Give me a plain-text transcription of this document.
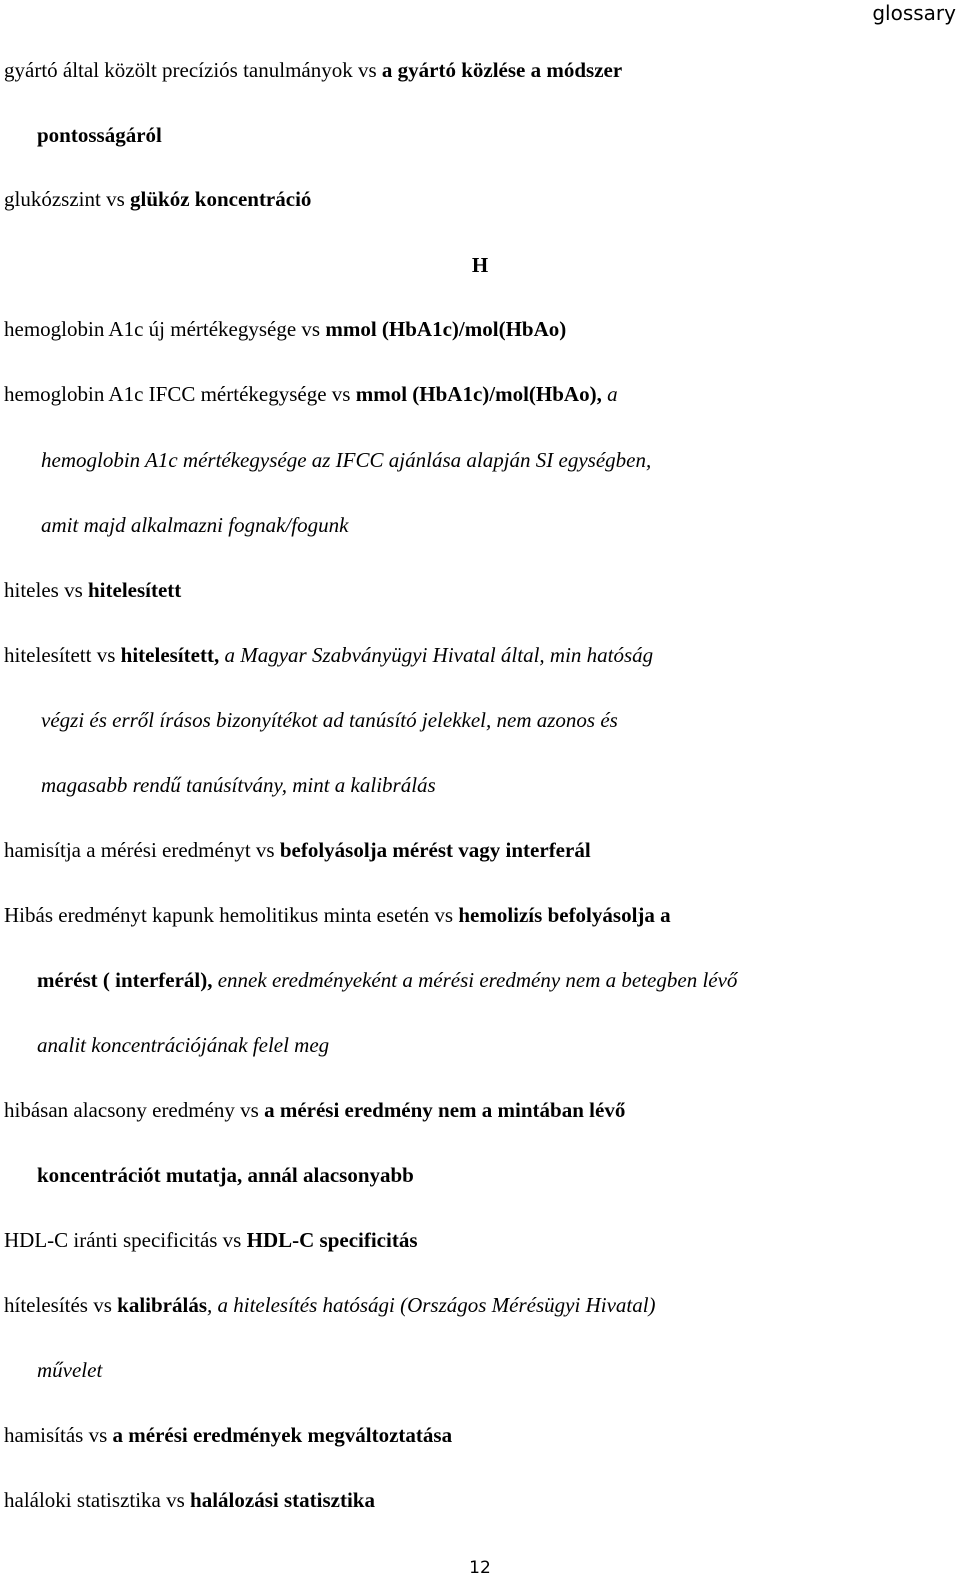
glossary
gyártó által közölt precíziós tanulmányok vs a gyártó közlése a módszer
pontosságáról
glukózszint vs glükóz koncentráció
H
hemoglobin A1c új mértékegysége vs mmol (HbA1c)/mol(HbAo)
hemoglobin A1c IFCC mértékegysége vs mmol (HbA1c)/mol(HbAo), a
hemoglobin A1c mértékegysége az IFCC ajánlása alapján SI egységben,
amit majd alkalmazni fognak/fogunk
hiteles vs hitelesített
hitelesített vs hitelesített, a Magyar Szabványügyi Hivatal által, min hatóság
végzi és erről írásos bizonyítékot ad tanúsító jelekkel, nem azonos és
magasabb rendű tanúsítvány, mint a kalibrálás
hamisítja a mérési eredményt vs befolyásolja mérést vagy interferál
Hibás eredményt kapunk hemolitikus minta esetén vs hemolizís befolyásolja a
mérést ( interferál), ennek eredményeként a mérési eredmény nem a betegben lévő
analit koncentrációjának felel meg
hibásan alacsony eredmény vs a mérési eredmény nem a mintában lévő
koncentrációt mutatja, annál alacsonyabb
HDL-C iránti specificitás vs HDL-C specificitás
hítelesítés vs kalibrálás, a hitelesítés hatósági (Országos Mérésügyi Hivatal)
művelet
hamisítás vs a mérési eredmények megváltoztatása
haláloki statisztika vs halálozási statisztika
12
